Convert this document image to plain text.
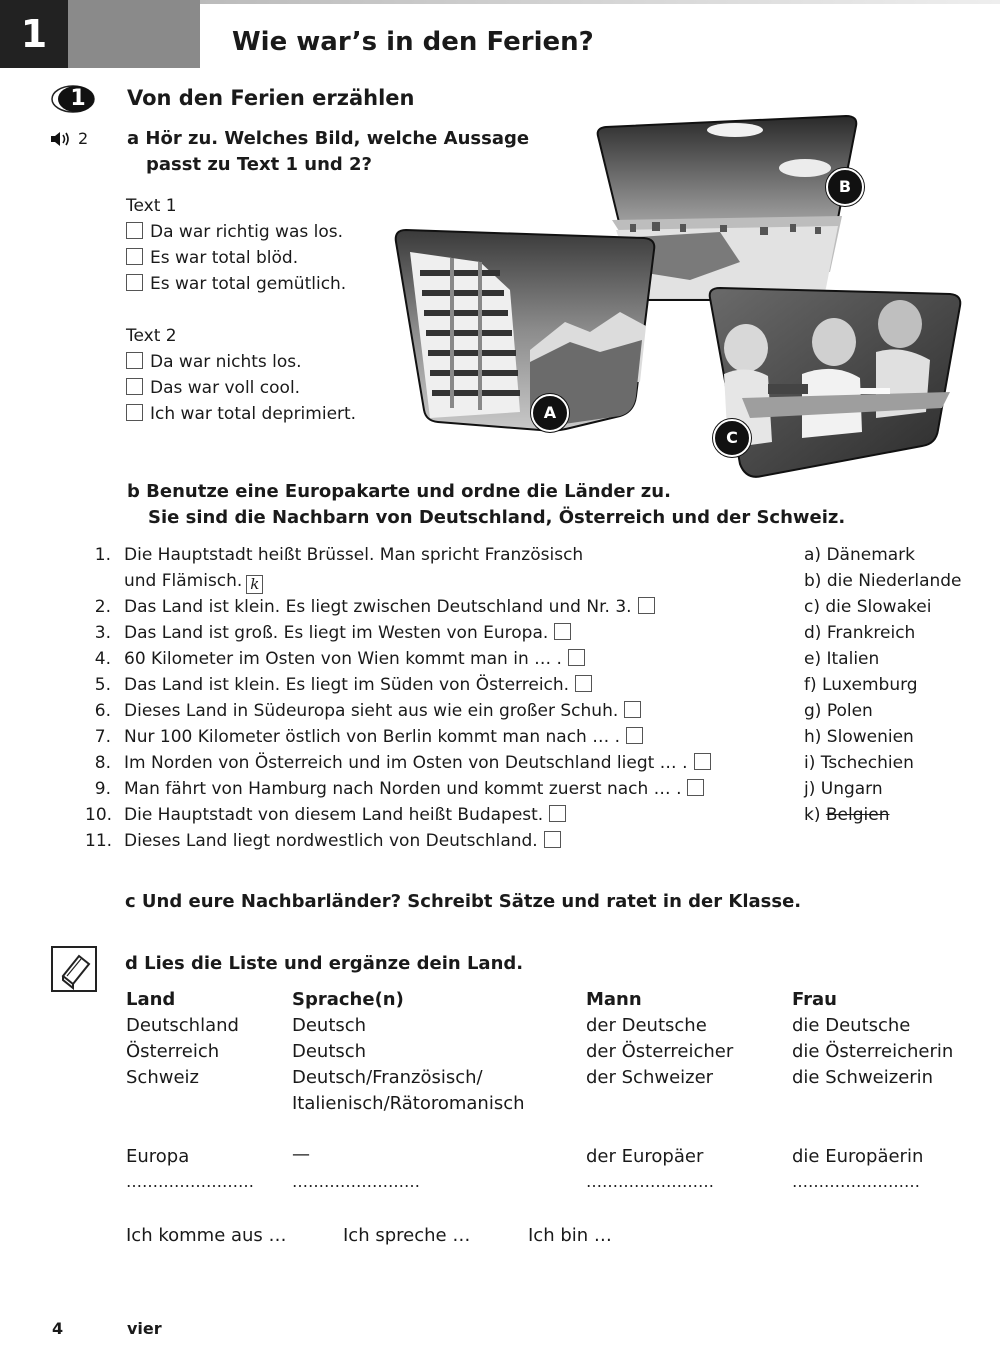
1	Wie war’s in den Ferien?
1 Von den Ferien erzählen
2 a Hör zu. Welches Bild, welche Aussage
passt zu Text 1 und 2?
Text 1
Da war richtig was los.
Es war total blöd.
Es war total gemütlich.
Text 2
Da war nichts los.
Das war voll cool.
Ich war total deprimiert.
B
A
C
b Benutze eine Europakarte und ordne die Länder zu.
Sie sind die Nachbarn von Deutschland, Österreich und der Schweiz.
1. Die Hauptstadt heißt Brüssel. Man spricht Französisch
und Flämisch. k
2. Das Land ist klein. Es liegt zwischen Deutschland und Nr. 3.
3. Das Land ist groß. Es liegt im Westen von Europa.
4. 60 Kilometer im Osten von Wien kommt man in … .
5. Das Land ist klein. Es liegt im Süden von Österreich.
6. Dieses Land in Südeuropa sieht aus wie ein großer Schuh.
7. Nur 100 Kilometer östlich von Berlin kommt man nach … .
8. Im Norden von Österreich und im Osten von Deutschland liegt … .
9. Man fährt von Hamburg nach Norden und kommt zuerst nach … .
10. Die Hauptstadt von diesem Land heißt Budapest.
11. Dieses Land liegt nordwestlich von Deutschland.
a) Dänemark
b) die Niederlande
c) die Slowakei
d) Frankreich
e) Italien
f) Luxemburg
g) Polen
h) Slowenien
i) Tschechien
j) Ungarn
k) Belgien
c Und eure Nachbarländer? Schreibt Sätze und ratet in der Klasse.
d Lies die Liste und ergänze dein Land.
Land	Sprache(n)	Mann	Frau
Deutschland	Deutsch	der Deutsche	die Deutsche
Österreich	Deutsch	der Österreicher	die Österreicherin
Schweiz	Deutsch/Französisch/	der Schweizer	die Schweizerin
Italienisch/Rätoromanisch
Europa	—	der Europäer	die Europäerin
…………………… ……………………	……………………	……………………
Ich komme aus …	Ich spreche …	Ich bin …
4	vier
